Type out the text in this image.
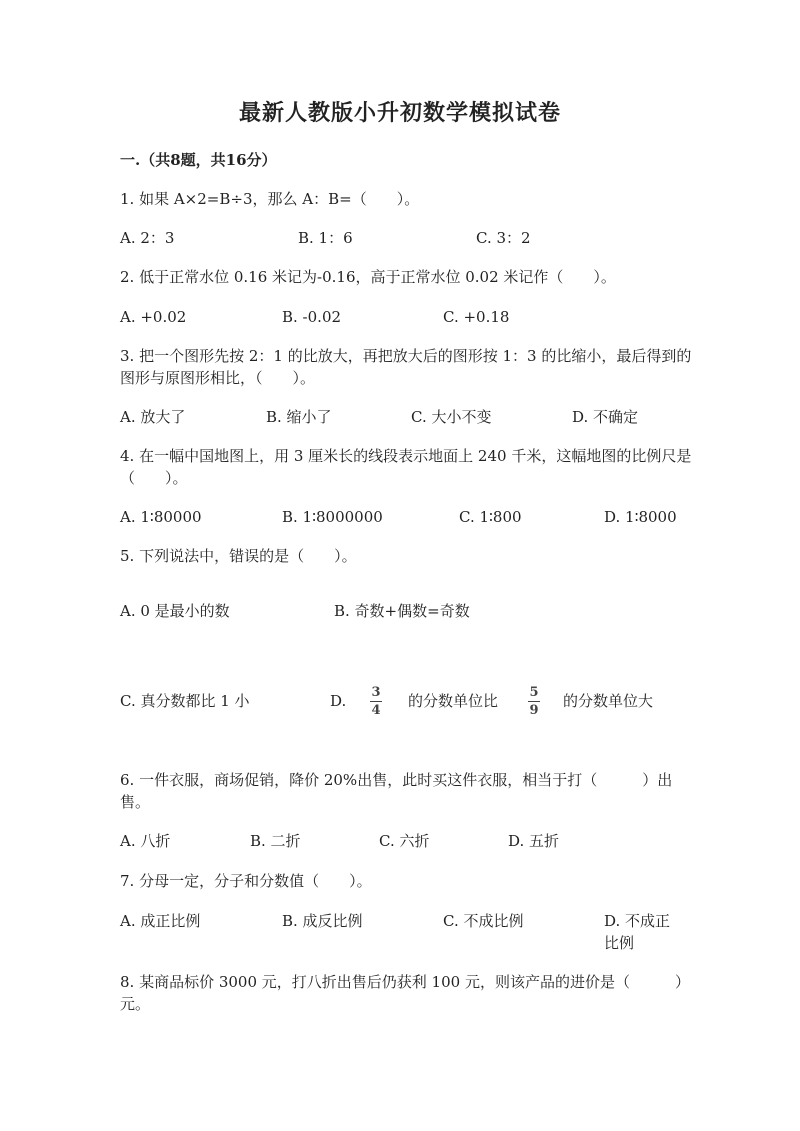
最新人教版小升初数学模拟试卷
一.（共8题，共16分）
1. 如果 A×2=B÷3，那么 A：B=（　　）。
A. 2：3	B. 1：6	C. 3：2
2. 低于正常水位 0.16 米记为-0.16，高于正常水位 0.02 米记作（　　）。
A. +0.02	B. -0.02	C. +0.18
3. 把一个图形先按 2：1 的比放大，再把放大后的图形按 1：3 的比缩小，最后得到的图形与原图形相比，（　　）。
A. 放大了	B. 缩小了	C. 大小不变	D. 不确定
4. 在一幅中国地图上，用 3 厘米长的线段表示地面上 240 千米，这幅地图的比例尺是（　　）。
A. 1∶80000	B. 1∶8000000	C. 1∶800	D. 1∶8000
5. 下列说法中，错误的是（　　）。
A. 0 是最小的数	B. 奇数+偶数=奇数
C. 真分数都比 1 小	D.	3
4
的分数单位比	5
9
的分数单位大
6. 一件衣服，商场促销，降价 20%出售，此时买这件衣服，相当于打（　　　）出售。
A. 八折	B. 二折	C. 六折	D. 五折
7. 分母一定，分子和分数值（　　）。
A. 成正比例	B. 成反比例	C. 不成比例	D. 不成正比例
8. 某商品标价 3000 元，打八折出售后仍获利 100 元，则该产品的进价是（　　　）元。
